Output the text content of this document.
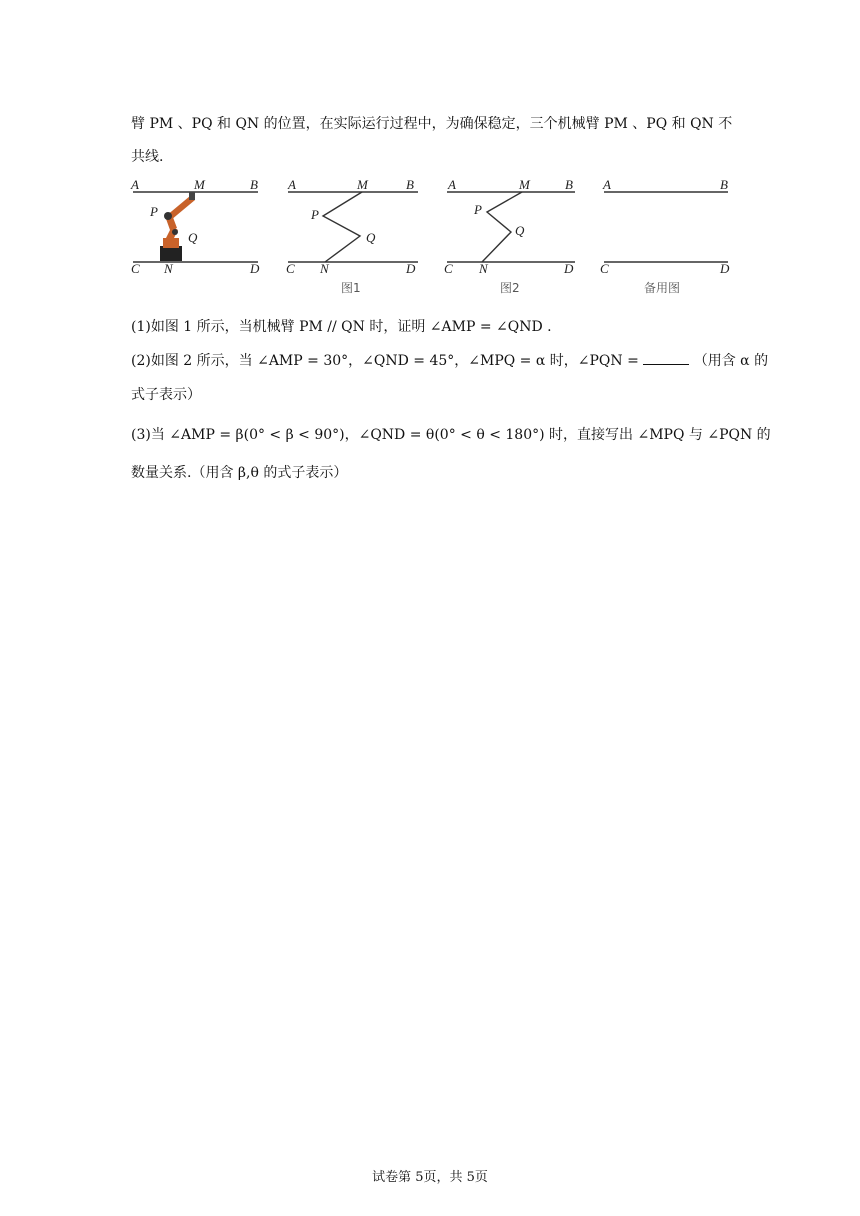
臂 PM 、PQ 和 QN 的位置，在实际运行过程中，为确保稳定，三个机械臂 PM 、PQ 和 QN 不
共线.
A	M	B
P
Q
C N	D
A	M	B
P
Q
C N	D
图1
A	M	B
P
Q
C N	D
图2
A	B
C	D
备用图
(1)如图 1 所示，当机械臂 PM // QN 时，证明 ∠AMP = ∠QND .
(2)如图 2 所示，当 ∠AMP = 30°，∠QND = 45°，∠MPQ = α 时，∠PQN =	（用含 α 的
式子表示）
(3)当 ∠AMP = β(0° < β < 90°)，∠QND = θ(0° < θ < 180°) 时，直接写出 ∠MPQ 与 ∠PQN 的
数量关系.（用含 β,θ 的式子表示）
试卷第 5页，共 5页
